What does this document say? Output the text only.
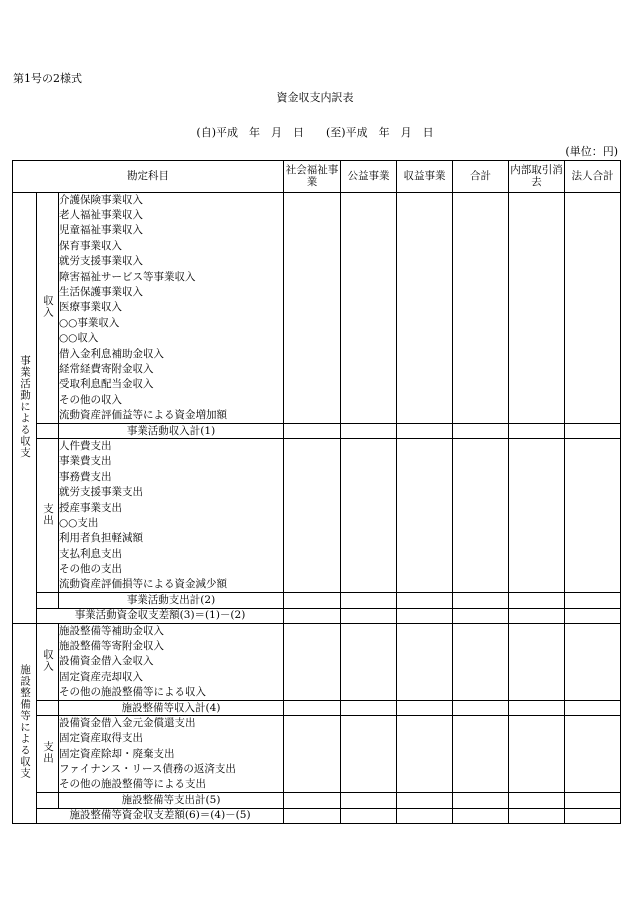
第1号の2様式
資金収支内訳表
(自)平成　年　月　日 (至)平成　年　月　日
(単位：円)
勘定科目			社会福祉事業	公益事業	収益事業	合計	内部取引消去	法人合計
事業活動による収支	収入	介護保険事業収入						
		老人福祉事業収入						
		児童福祉事業収入						
		保育事業収入						
		就労支援事業収入						
		障害福祉サービス等事業収入						
		生活保護事業収入						
		医療事業収入						
		○○事業収入						
		○○収入						
		借入金利息補助金収入						
		経常経費寄附金収入						
		受取利息配当金収入						
		その他の収入						
		流動資産評価益等による資金増加額						
		事業活動収入計(1)						
	支出	人件費支出						
		事業費支出						
		事務費支出						
		就労支援事業支出						
		授産事業支出						
		○○支出						
		利用者負担軽減額						
		支払利息支出						
		その他の支出						
		流動資産評価損等による資金減少額						
		事業活動支出計(2)						
	事業活動資金収支差額(3)＝(1)－(2)							
施設整備等による収支	収入	施設整備等補助金収入						
		施設整備等寄附金収入						
		設備資金借入金収入						
		固定資産売却収入						
		その他の施設整備等による収入						
		施設整備等収入計(4)						
	支出	設備資金借入金元金償還支出						
		固定資産取得支出						
		固定資産除却・廃棄支出						
		ファイナンス・リース債務の返済支出						
		その他の施設整備等による支出						
		施設整備等支出計(5)						
	施設整備等資金収支差額(6)＝(4)－(5)							
